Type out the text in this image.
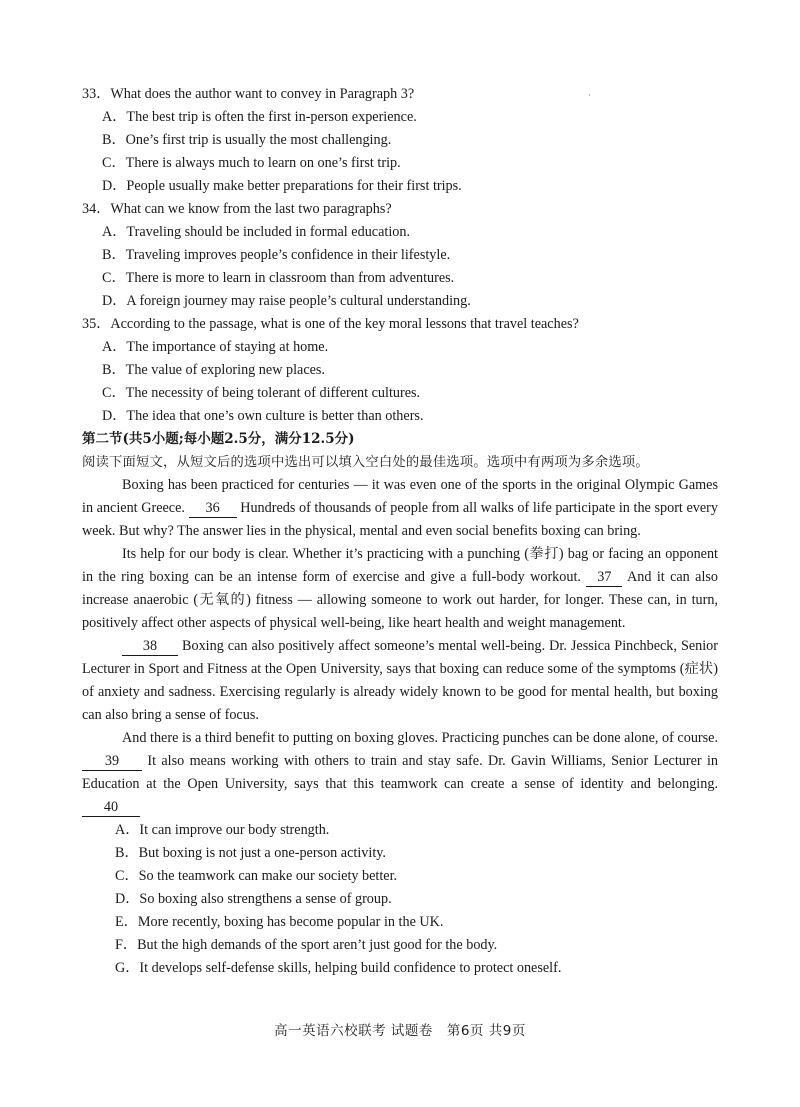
·
33．What does the author want to convey in Paragraph 3?
A．The best trip is often the first in-person experience.
B．One’s first trip is usually the most challenging.
C．There is always much to learn on one’s first trip.
D．People usually make better preparations for their first trips.
34．What can we know from the last two paragraphs?
A．Traveling should be included in formal education.
B．Traveling improves people’s confidence in their lifestyle.
C．There is more to learn in classroom than from adventures.
D．A foreign journey may raise people’s cultural understanding.
35．According to the passage, what is one of the key moral lessons that travel teaches?
A．The importance of staying at home.
B．The value of exploring new places.
C．The necessity of being tolerant of different cultures.
D．The idea that one’s own culture is better than others.
第二节(共5小题;每小题2.5分，满分12.5分)
阅读下面短文，从短文后的选项中选出可以填入空白处的最佳选项。选项中有两项为多余选项。

Boxing has been practiced for centuries — it was even one of the sports in the original Olympic Games in ancient Greece. 36 Hundreds of thousands of people from all walks of life participate in the sport every week. But why? The answer lies in the physical, mental and even social benefits boxing can bring.

Its help for our body is clear. Whether it’s practicing with a punching (拳打) bag or facing an opponent in the ring boxing can be an intense form of exercise and give a full-body workout. 37 And it can also increase anaerobic (无氧的) fitness — allowing someone to work out harder, for longer. These can, in turn, positively affect other aspects of physical well-being, like heart health and weight management.

38 Boxing can also positively affect someone’s mental well-being. Dr. Jessica Pinchbeck, Senior Lecturer in Sport and Fitness at the Open University, says that boxing can reduce some of the symptoms (症状) of anxiety and sadness. Exercising regularly is already widely known to be good for mental health, but boxing can also bring a sense of focus.

And there is a third benefit to putting on boxing gloves. Practicing punches can be done alone, of course. 39 It also means working with others to train and stay safe. Dr. Gavin Williams, Senior Lecturer in Education at the Open University, says that this teamwork can create a sense of identity and belonging. 40

A．It can improve our body strength.
B．But boxing is not just a one-person activity.
C．So the teamwork can make our society better.
D．So boxing also strengthens a sense of group.
E．More recently, boxing has become popular in the UK.
F．But the high demands of the sport aren’t just good for the body.
G．It develops self-defense skills, helping build confidence to protect oneself.
高一英语六校联考 试题卷　第6页 共9页
